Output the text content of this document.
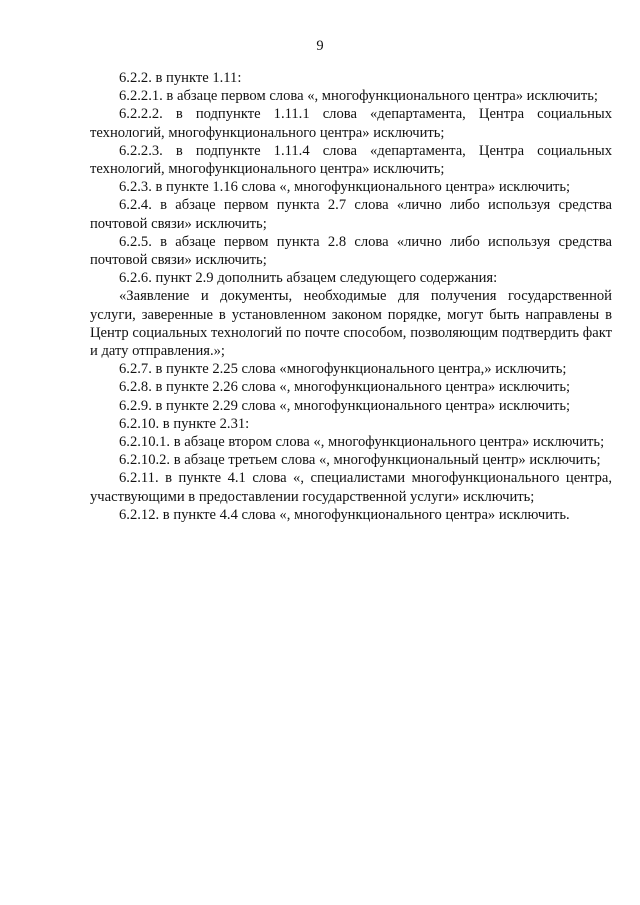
9

6.2.2. в пункте 1.11:

6.2.2.1. в абзаце первом слова «, многофункционального центра» исключить;

6.2.2.2. в подпункте 1.11.1 слова «департамента, Центра социальных технологий, многофункционального центра» исключить;

6.2.2.3. в подпункте 1.11.4 слова «департамента, Центра социальных технологий, многофункционального центра» исключить;

6.2.3. в пункте 1.16 слова «, многофункционального центра» исключить;

6.2.4. в абзаце первом пункта 2.7 слова «лично либо используя средства почтовой связи» исключить;

6.2.5. в абзаце первом пункта 2.8 слова «лично либо используя средства почтовой связи» исключить;

6.2.6. пункт 2.9 дополнить абзацем следующего содержания:

«Заявление и документы, необходимые для получения государственной услуги, заверенные в установленном законом порядке, могут быть направлены в Центр социальных технологий по почте способом, позволяющим подтвердить факт и дату отправления.»;

6.2.7. в пункте 2.25 слова «многофункционального центра,» исключить;

6.2.8. в пункте 2.26 слова «, многофункционального центра» исключить;

6.2.9. в пункте 2.29 слова «, многофункционального центра» исключить;

6.2.10. в пункте 2.31:

6.2.10.1. в абзаце втором слова «, многофункционального центра» исключить;

6.2.10.2. в абзаце третьем слова «, многофункциональный центр» исключить;

6.2.11. в пункте 4.1 слова «, специалистами многофункционального центра, участвующими в предоставлении государственной услуги» исключить;

6.2.12. в пункте 4.4 слова «, многофункционального центра» исключить.
